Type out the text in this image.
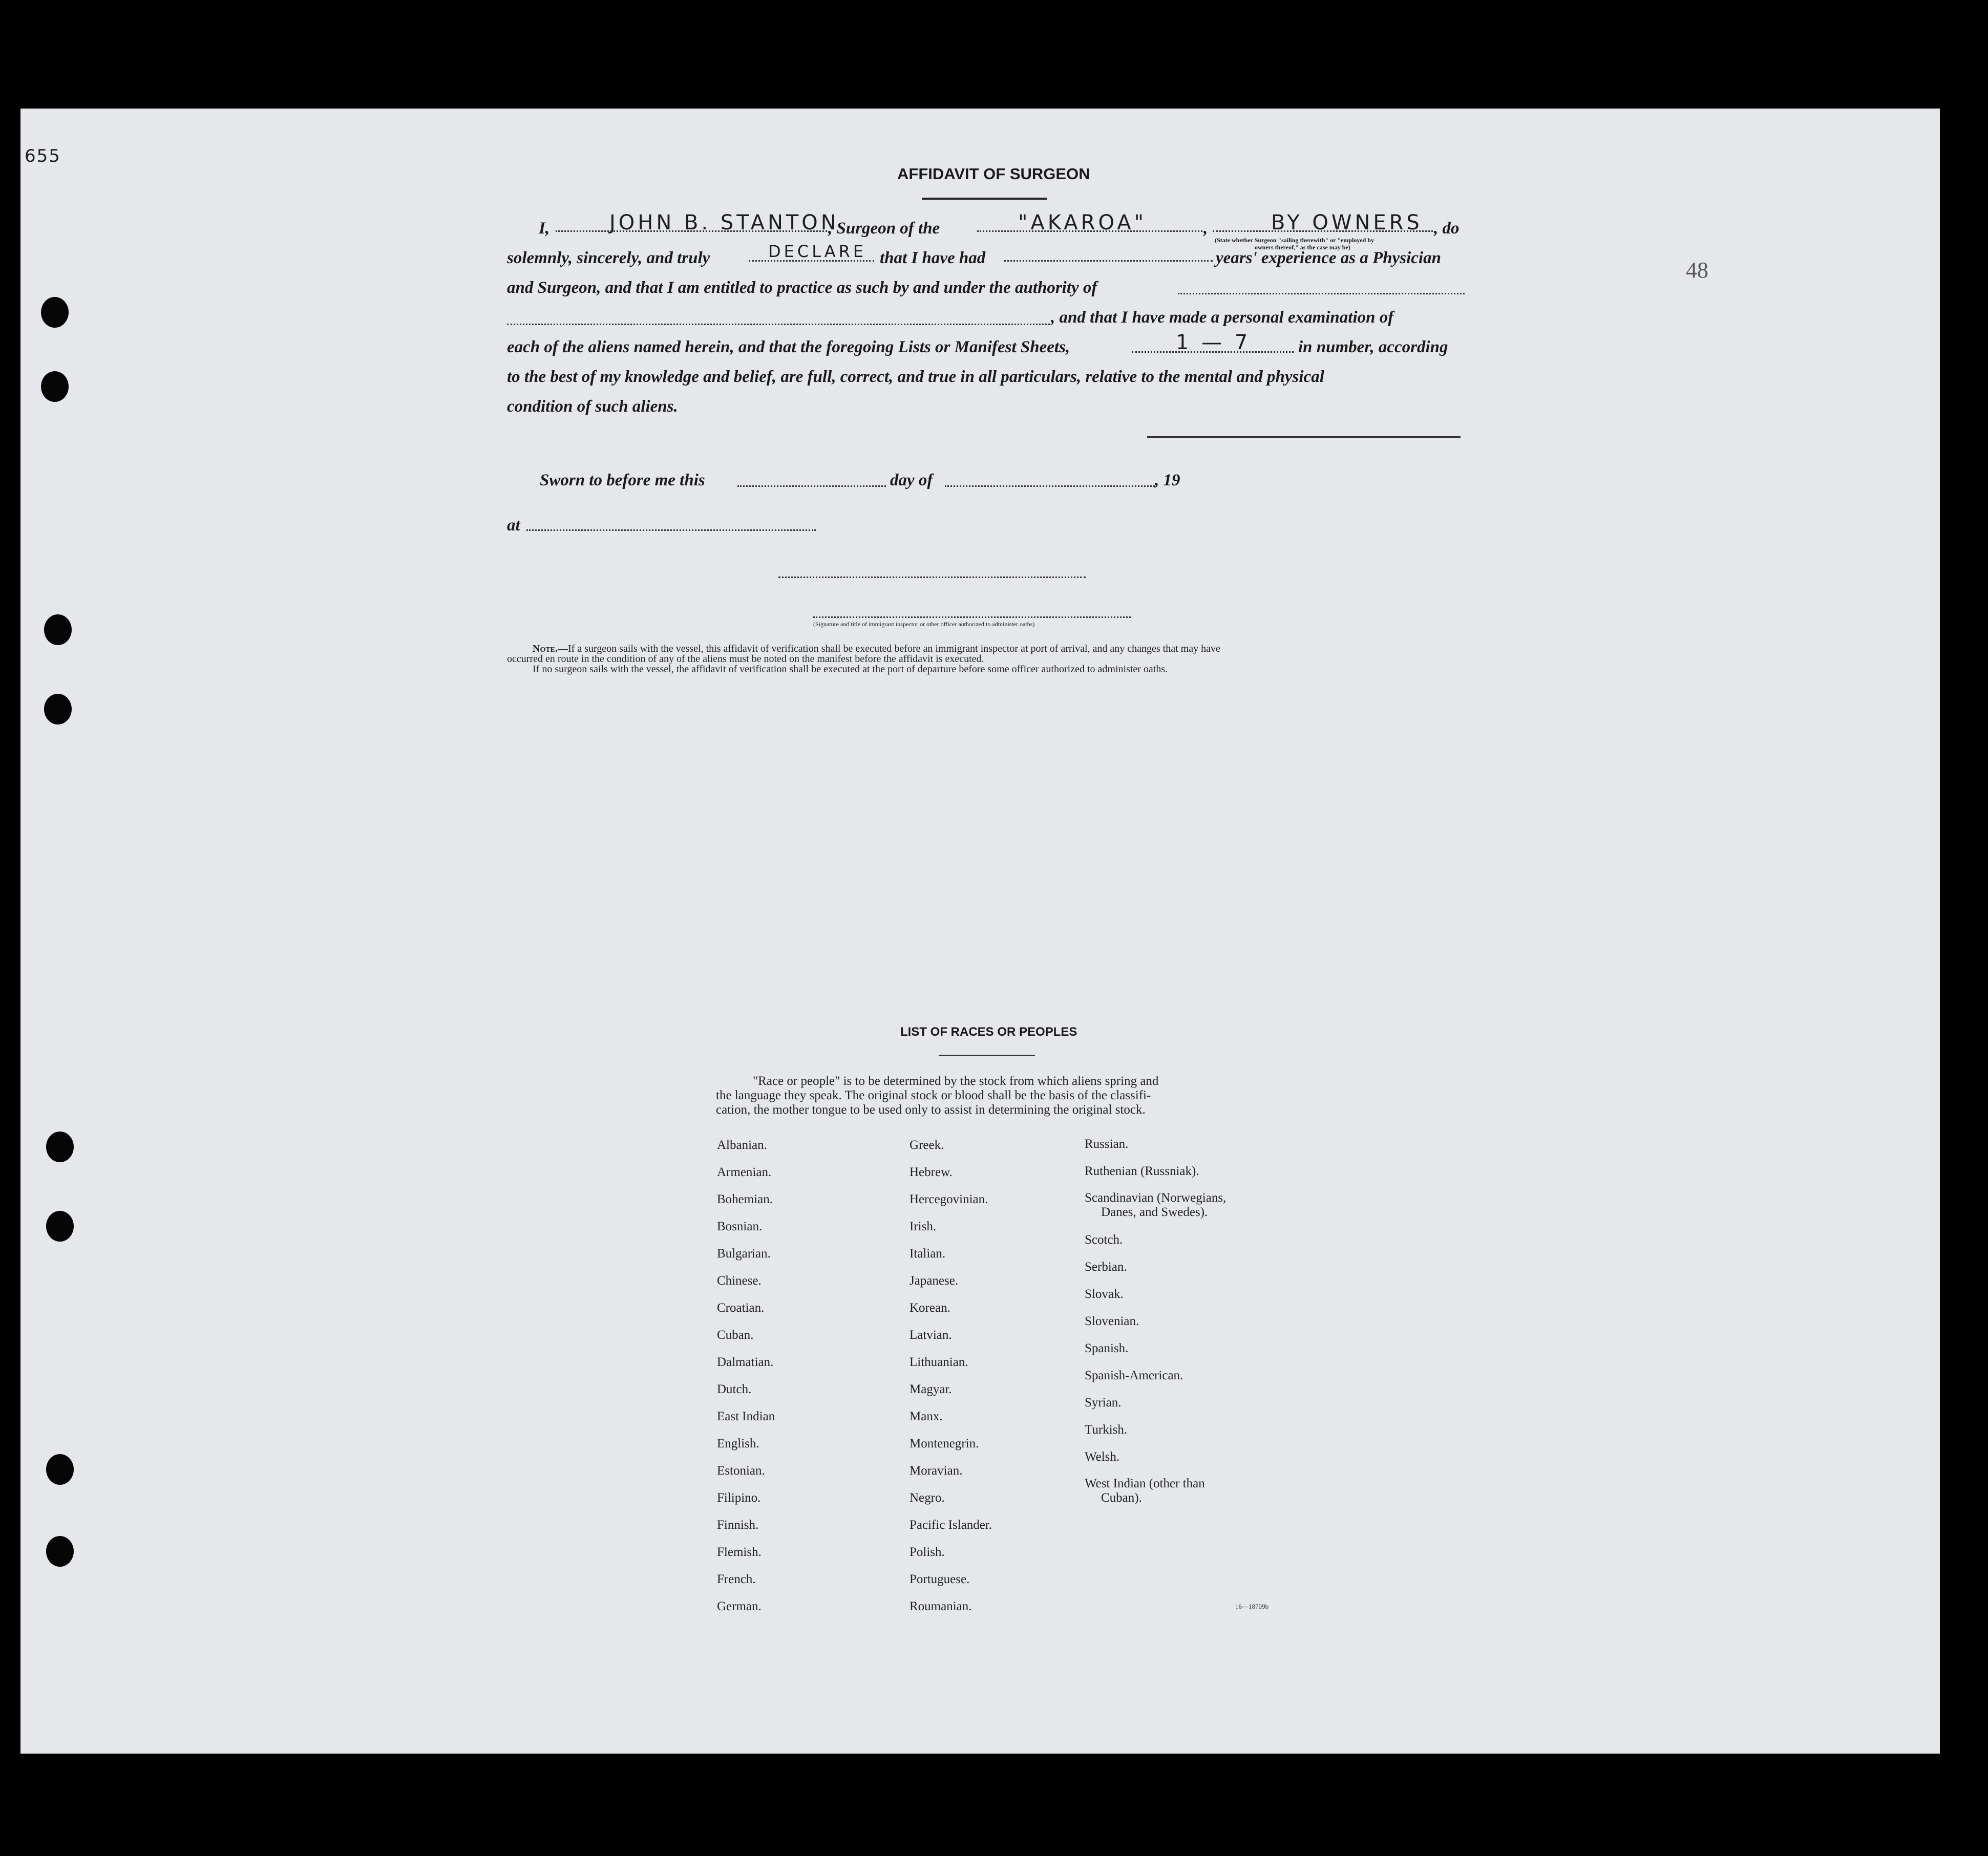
655
48
AFFIDAVIT OF SURGEON
I,	JOHN B. STANTON
, Surgeon of the	"AKAROA"	,	BY OWNERS , do
(State whether Surgeon "sailing therewith" or "employed by
owners thereof," as the case may be)
solemnly, sincerely, and truly	DECLARE that I have had	years' experience as a Physician
and Surgeon, and that I am entitled to practice as such by and under the authority of
, and that I have made a personal examination of
each of the aliens named herein, and that the foregoing Lists or Manifest Sheets,	1 — 7	in number, according
to the best of my knowledge and belief, are full, correct, and true in all particulars, relative to the mental and physical
condition of such aliens.
Sworn to before me this	day of	, 19
at
(Signature and title of immigrant inspector or other officer authorized to administer oaths)
Note.—If a surgeon sails with the vessel, this affidavit of verification shall be executed before an immigrant inspector at port of arrival, and any changes that may have
occurred en route in the condition of any of the aliens must be noted on the manifest before the affidavit is executed.
If no surgeon sails with the vessel, the affidavit of verification shall be executed at the port of departure before some officer authorized to administer oaths.
LIST OF RACES OR PEOPLES
"Race or people" is to be determined by the stock from which aliens spring and
the language they speak. The original stock or blood shall be the basis of the classifi-
cation, the mother tongue to be used only to assist in determining the original stock.
Albanian.
Armenian.
Bohemian.
Bosnian.
Bulgarian.
Chinese.
Croatian.
Cuban.
Dalmatian.
Dutch.
East Indian
English.
Estonian.
Filipino.
Finnish.
Flemish.
French.
German.
Greek.
Hebrew.
Hercegovinian.
Irish.
Italian.
Japanese.
Korean.
Latvian.
Lithuanian.
Magyar.
Manx.
Montenegrin.
Moravian.
Negro.
Pacific Islander.
Polish.
Portuguese.
Roumanian.
Russian.
Ruthenian (Russniak).
Scandinavian (Norwegians,
Danes, and Swedes).
Scotch.
Serbian.
Slovak.
Slovenian.
Spanish.
Spanish-American.
Syrian.
Turkish.
Welsh.
West Indian (other than
Cuban).
16—18709b
